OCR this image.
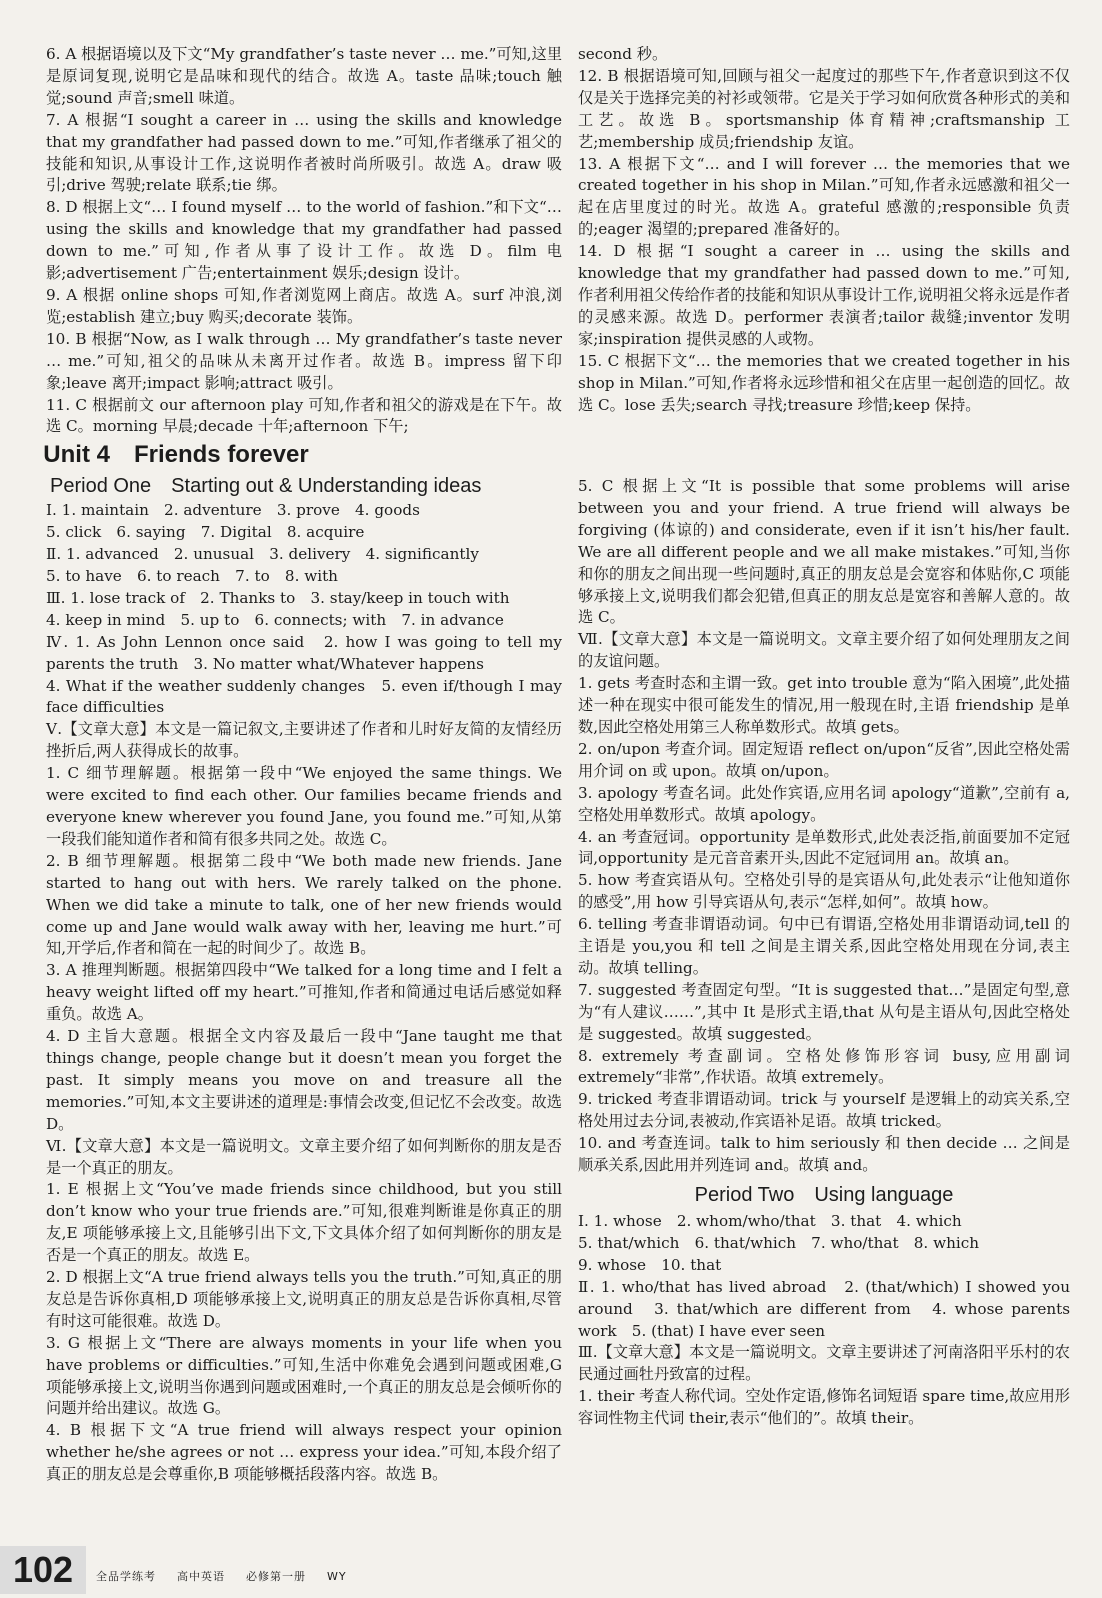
6. A 根据语境以及下文“My grandfather’s taste never … me.”可知,这里是原词复现,说明它是品味和现代的结合。故选 A。taste 品味;touch 触觉;sound 声音;smell 味道。

7. A 根据“I sought a career in … using the skills and knowledge that my grandfather had passed down to me.”可知,作者继承了祖父的技能和知识,从事设计工作,这说明作者被时尚所吸引。故选 A。draw 吸引;drive 驾驶;relate 联系;tie 绑。

8. D 根据上文“… I found myself … to the world of fashion.”和下文“… using the skills and knowledge that my grandfather had passed down to me.”可知,作者从事了设计工作。故选 D。film 电影;advertisement 广告;entertainment 娱乐;design 设计。

9. A 根据 online shops 可知,作者浏览网上商店。故选 A。surf 冲浪,浏览;establish 建立;buy 购买;decorate 装饰。

10. B 根据“Now, as I walk through … My grandfather’s taste never … me.”可知,祖父的品味从未离开过作者。故选 B。impress 留下印象;leave 离开;impact 影响;attract 吸引。

11. C 根据前文 our afternoon play 可知,作者和祖父的游戏是在下午。故选 C。morning 早晨;decade 十年;afternoon 下午;

Unit 4　Friends forever
Period One　Starting out & Understanding ideas

Ⅰ. 1. maintain　2. adventure　3. prove　4. goods

5. click　6. saying　7. Digital　8. acquire

Ⅱ. 1. advanced　2. unusual　3. delivery　4. significantly

5. to have　6. to reach　7. to　8. with

Ⅲ. 1. lose track of　2. Thanks to　3. stay/keep in touch with

4. keep in mind　5. up to　6. connects; with　7. in advance

Ⅳ. 1. As John Lennon once said　2. how I was going to tell my parents the truth　3. No matter what/Whatever happens

4. What if the weather suddenly changes　5. even if/though I may face difficulties

Ⅴ.【文章大意】本文是一篇记叙文,主要讲述了作者和儿时好友简的友情经历挫折后,两人获得成长的故事。

1. C 细节理解题。根据第一段中“We enjoyed the same things. We were excited to find each other. Our families became friends and everyone knew wherever you found Jane, you found me.”可知,从第一段我们能知道作者和简有很多共同之处。故选 C。

2. B 细节理解题。根据第二段中“We both made new friends. Jane started to hang out with hers. We rarely talked on the phone. When we did take a minute to talk, one of her new friends would come up and Jane would walk away with her, leaving me hurt.”可知,开学后,作者和简在一起的时间少了。故选 B。

3. A 推理判断题。根据第四段中“We talked for a long time and I felt a heavy weight lifted off my heart.”可推知,作者和简通过电话后感觉如释重负。故选 A。

4. D 主旨大意题。根据全文内容及最后一段中“Jane taught me that things change, people change but it doesn’t mean you forget the past. It simply means you move on and treasure all the memories.”可知,本文主要讲述的道理是:事情会改变,但记忆不会改变。故选 D。

Ⅵ.【文章大意】本文是一篇说明文。文章主要介绍了如何判断你的朋友是否是一个真正的朋友。

1. E 根据上文“You’ve made friends since childhood, but you still don’t know who your true friends are.”可知,很难判断谁是你真正的朋友,E 项能够承接上文,且能够引出下文,下文具体介绍了如何判断你的朋友是否是一个真正的朋友。故选 E。

2. D 根据上文“A true friend always tells you the truth.”可知,真正的朋友总是告诉你真相,D 项能够承接上文,说明真正的朋友总是告诉你真相,尽管有时这可能很难。故选 D。

3. G 根据上文“There are always moments in your life when you have problems or difficulties.”可知,生活中你难免会遇到问题或困难,G 项能够承接上文,说明当你遇到问题或困难时,一个真正的朋友总是会倾听你的问题并给出建议。故选 G。

4. B 根据下文“A true friend will always respect your opinion whether he/she agrees or not … express your idea.”可知,本段介绍了真正的朋友总是会尊重你,B 项能够概括段落内容。故选 B。

second 秒。

12. B 根据语境可知,回顾与祖父一起度过的那些下午,作者意识到这不仅仅是关于选择完美的衬衫或领带。它是关于学习如何欣赏各种形式的美和工艺。故选 B。sportsmanship 体育精神;craftsmanship 工艺;membership 成员;friendship 友谊。

13. A 根据下文“… and I will forever … the memories that we created together in his shop in Milan.”可知,作者永远感激和祖父一起在店里度过的时光。故选 A。grateful 感激的;responsible 负责的;eager 渴望的;prepared 准备好的。

14. D 根据“I sought a career in … using the skills and knowledge that my grandfather had passed down to me.”可知,作者利用祖父传给作者的技能和知识从事设计工作,说明祖父将永远是作者的灵感来源。故选 D。performer 表演者;tailor 裁缝;inventor 发明家;inspiration 提供灵感的人或物。

15. C 根据下文“… the memories that we created together in his shop in Milan.”可知,作者将永远珍惜和祖父在店里一起创造的回忆。故选 C。lose 丢失;search 寻找;treasure 珍惜;keep 保持。

5. C 根据上文“It is possible that some problems will arise between you and your friend. A true friend will always be forgiving (体谅的) and considerate, even if it isn’t his/her fault. We are all different people and we all make mistakes.”可知,当你和你的朋友之间出现一些问题时,真正的朋友总是会宽容和体贴你,C 项能够承接上文,说明我们都会犯错,但真正的朋友总是宽容和善解人意的。故选 C。

Ⅶ.【文章大意】本文是一篇说明文。文章主要介绍了如何处理朋友之间的友谊问题。

1. gets 考查时态和主谓一致。get into trouble 意为“陷入困境”,此处描述一种在现实中很可能发生的情况,用一般现在时,主语 friendship 是单数,因此空格处用第三人称单数形式。故填 gets。

2. on/upon 考查介词。固定短语 reflect on/upon“反省”,因此空格处需用介词 on 或 upon。故填 on/upon。

3. apology 考查名词。此处作宾语,应用名词 apology“道歉”,空前有 a,空格处用单数形式。故填 apology。

4. an 考查冠词。opportunity 是单数形式,此处表泛指,前面要加不定冠词,opportunity 是元音音素开头,因此不定冠词用 an。故填 an。

5. how 考查宾语从句。空格处引导的是宾语从句,此处表示“让他知道你的感受”,用 how 引导宾语从句,表示“怎样,如何”。故填 how。

6. telling 考查非谓语动词。句中已有谓语,空格处用非谓语动词,tell 的主语是 you,you 和 tell 之间是主谓关系,因此空格处用现在分词,表主动。故填 telling。

7. suggested 考查固定句型。“It is suggested that…”是固定句型,意为“有人建议……”,其中 It 是形式主语,that 从句是主语从句,因此空格处是 suggested。故填 suggested。

8. extremely 考查副词。空格处修饰形容词 busy,应用副词 extremely“非常”,作状语。故填 extremely。

9. tricked 考查非谓语动词。trick 与 yourself 是逻辑上的动宾关系,空格处用过去分词,表被动,作宾语补足语。故填 tricked。

10. and 考查连词。talk to him seriously 和 then decide … 之间是顺承关系,因此用并列连词 and。故填 and。

Period Two　Using language

Ⅰ. 1. whose　2. whom/who/that　3. that　4. which

5. that/which　6. that/which　7. who/that　8. which

9. whose　10. that

Ⅱ. 1. who/that has lived abroad　2. (that/which) I showed you around　3. that/which are different from　4. whose parents work　5. (that) I have ever seen

Ⅲ.【文章大意】本文是一篇说明文。文章主要讲述了河南洛阳平乐村的农民通过画牡丹致富的过程。

1. their 考查人称代词。空处作定语,修饰名词短语 spare time,故应用形容词性物主代词 their,表示“他们的”。故填 their。

102	全品学练考   高中英语   必修第一册   WY
